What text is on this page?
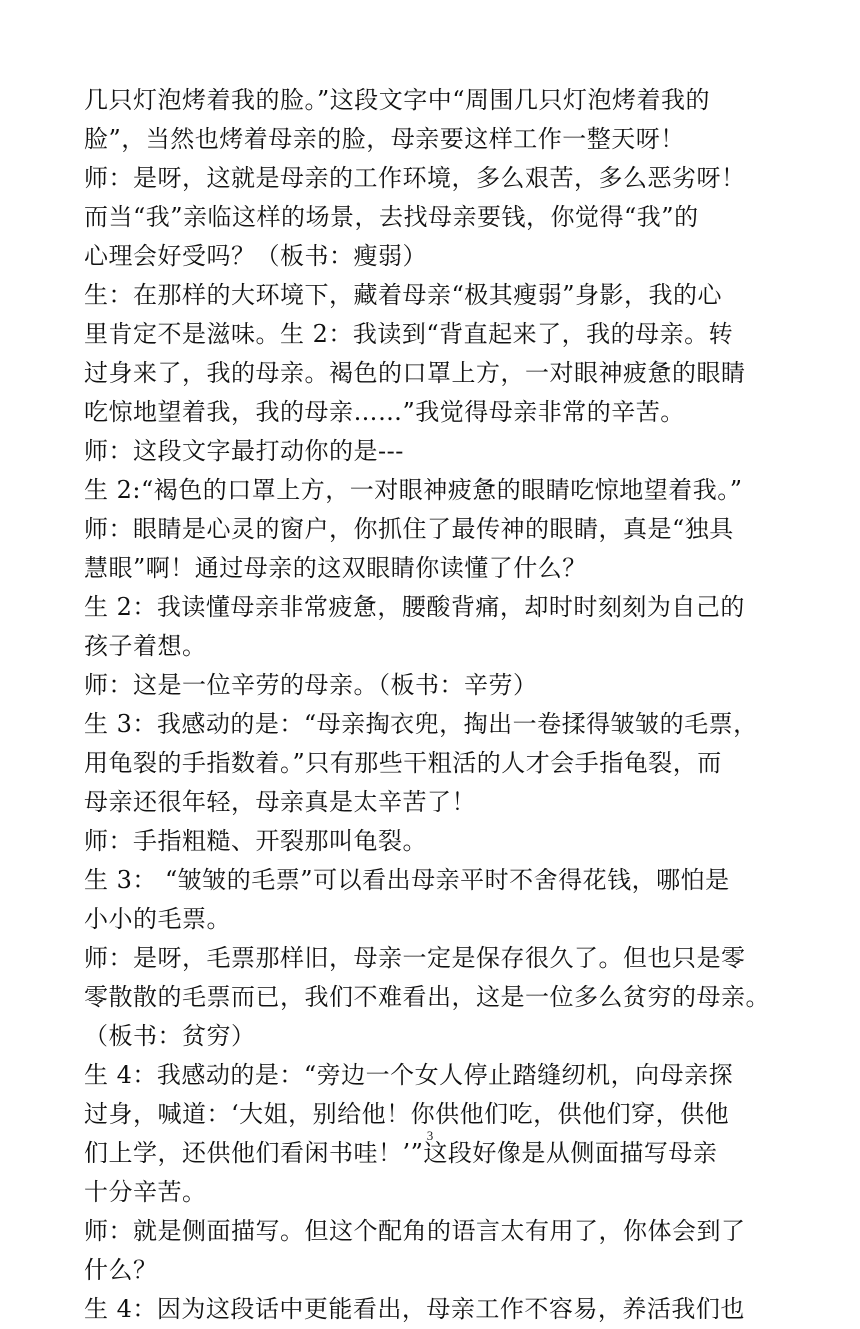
几只灯泡烤着我的脸。”这段文字中“周围几只灯泡烤着我的
脸”，当然也烤着母亲的脸，母亲要这样工作一整天呀！
师：是呀，这就是母亲的工作环境，多么艰苦，多么恶劣呀！
而当“我”亲临这样的场景，去找母亲要钱，你觉得“我”的
心理会好受吗？（板书：瘦弱）
生：在那样的大环境下，藏着母亲“极其瘦弱”身影，我的心
里肯定不是滋味。生 2：我读到“背直起来了，我的母亲。转
过身来了，我的母亲。褐色的口罩上方，一对眼神疲惫的眼睛
吃惊地望着我，我的母亲……”我觉得母亲非常的辛苦。
师：这段文字最打动你的是---
生 2:“褐色的口罩上方，一对眼神疲惫的眼睛吃惊地望着我。”
师：眼睛是心灵的窗户，你抓住了最传神的眼睛，真是“独具
慧眼”啊！通过母亲的这双眼睛你读懂了什么？
生 2：我读懂母亲非常疲惫，腰酸背痛，却时时刻刻为自己的
孩子着想。
师：这是一位辛劳的母亲。（板书：辛劳）
生 3：我感动的是：“母亲掏衣兜，掏出一卷揉得皱皱的毛票，
用龟裂的手指数着。”只有那些干粗活的人才会手指龟裂，而
母亲还很年轻，母亲真是太辛苦了！
师：手指粗糙、开裂那叫龟裂。
生 3： “皱皱的毛票”可以看出母亲平时不舍得花钱，哪怕是
小小的毛票。
师：是呀，毛票那样旧，母亲一定是保存很久了。但也只是零
零散散的毛票而已，我们不难看出，这是一位多么贫穷的母亲。
（板书：贫穷）
生 4：我感动的是：“旁边一个女人停止踏缝纫机，向母亲探
过身，喊道：‘大姐，别给他！你供他们吃，供他们穿，供他
们上学，还供他们看闲书哇！’”这段好像是从侧面描写母亲
十分辛苦。
师：就是侧面描写。但这个配角的语言太有用了，你体会到了
什么？
生 4：因为这段话中更能看出，母亲工作不容易，养活我们也
3
